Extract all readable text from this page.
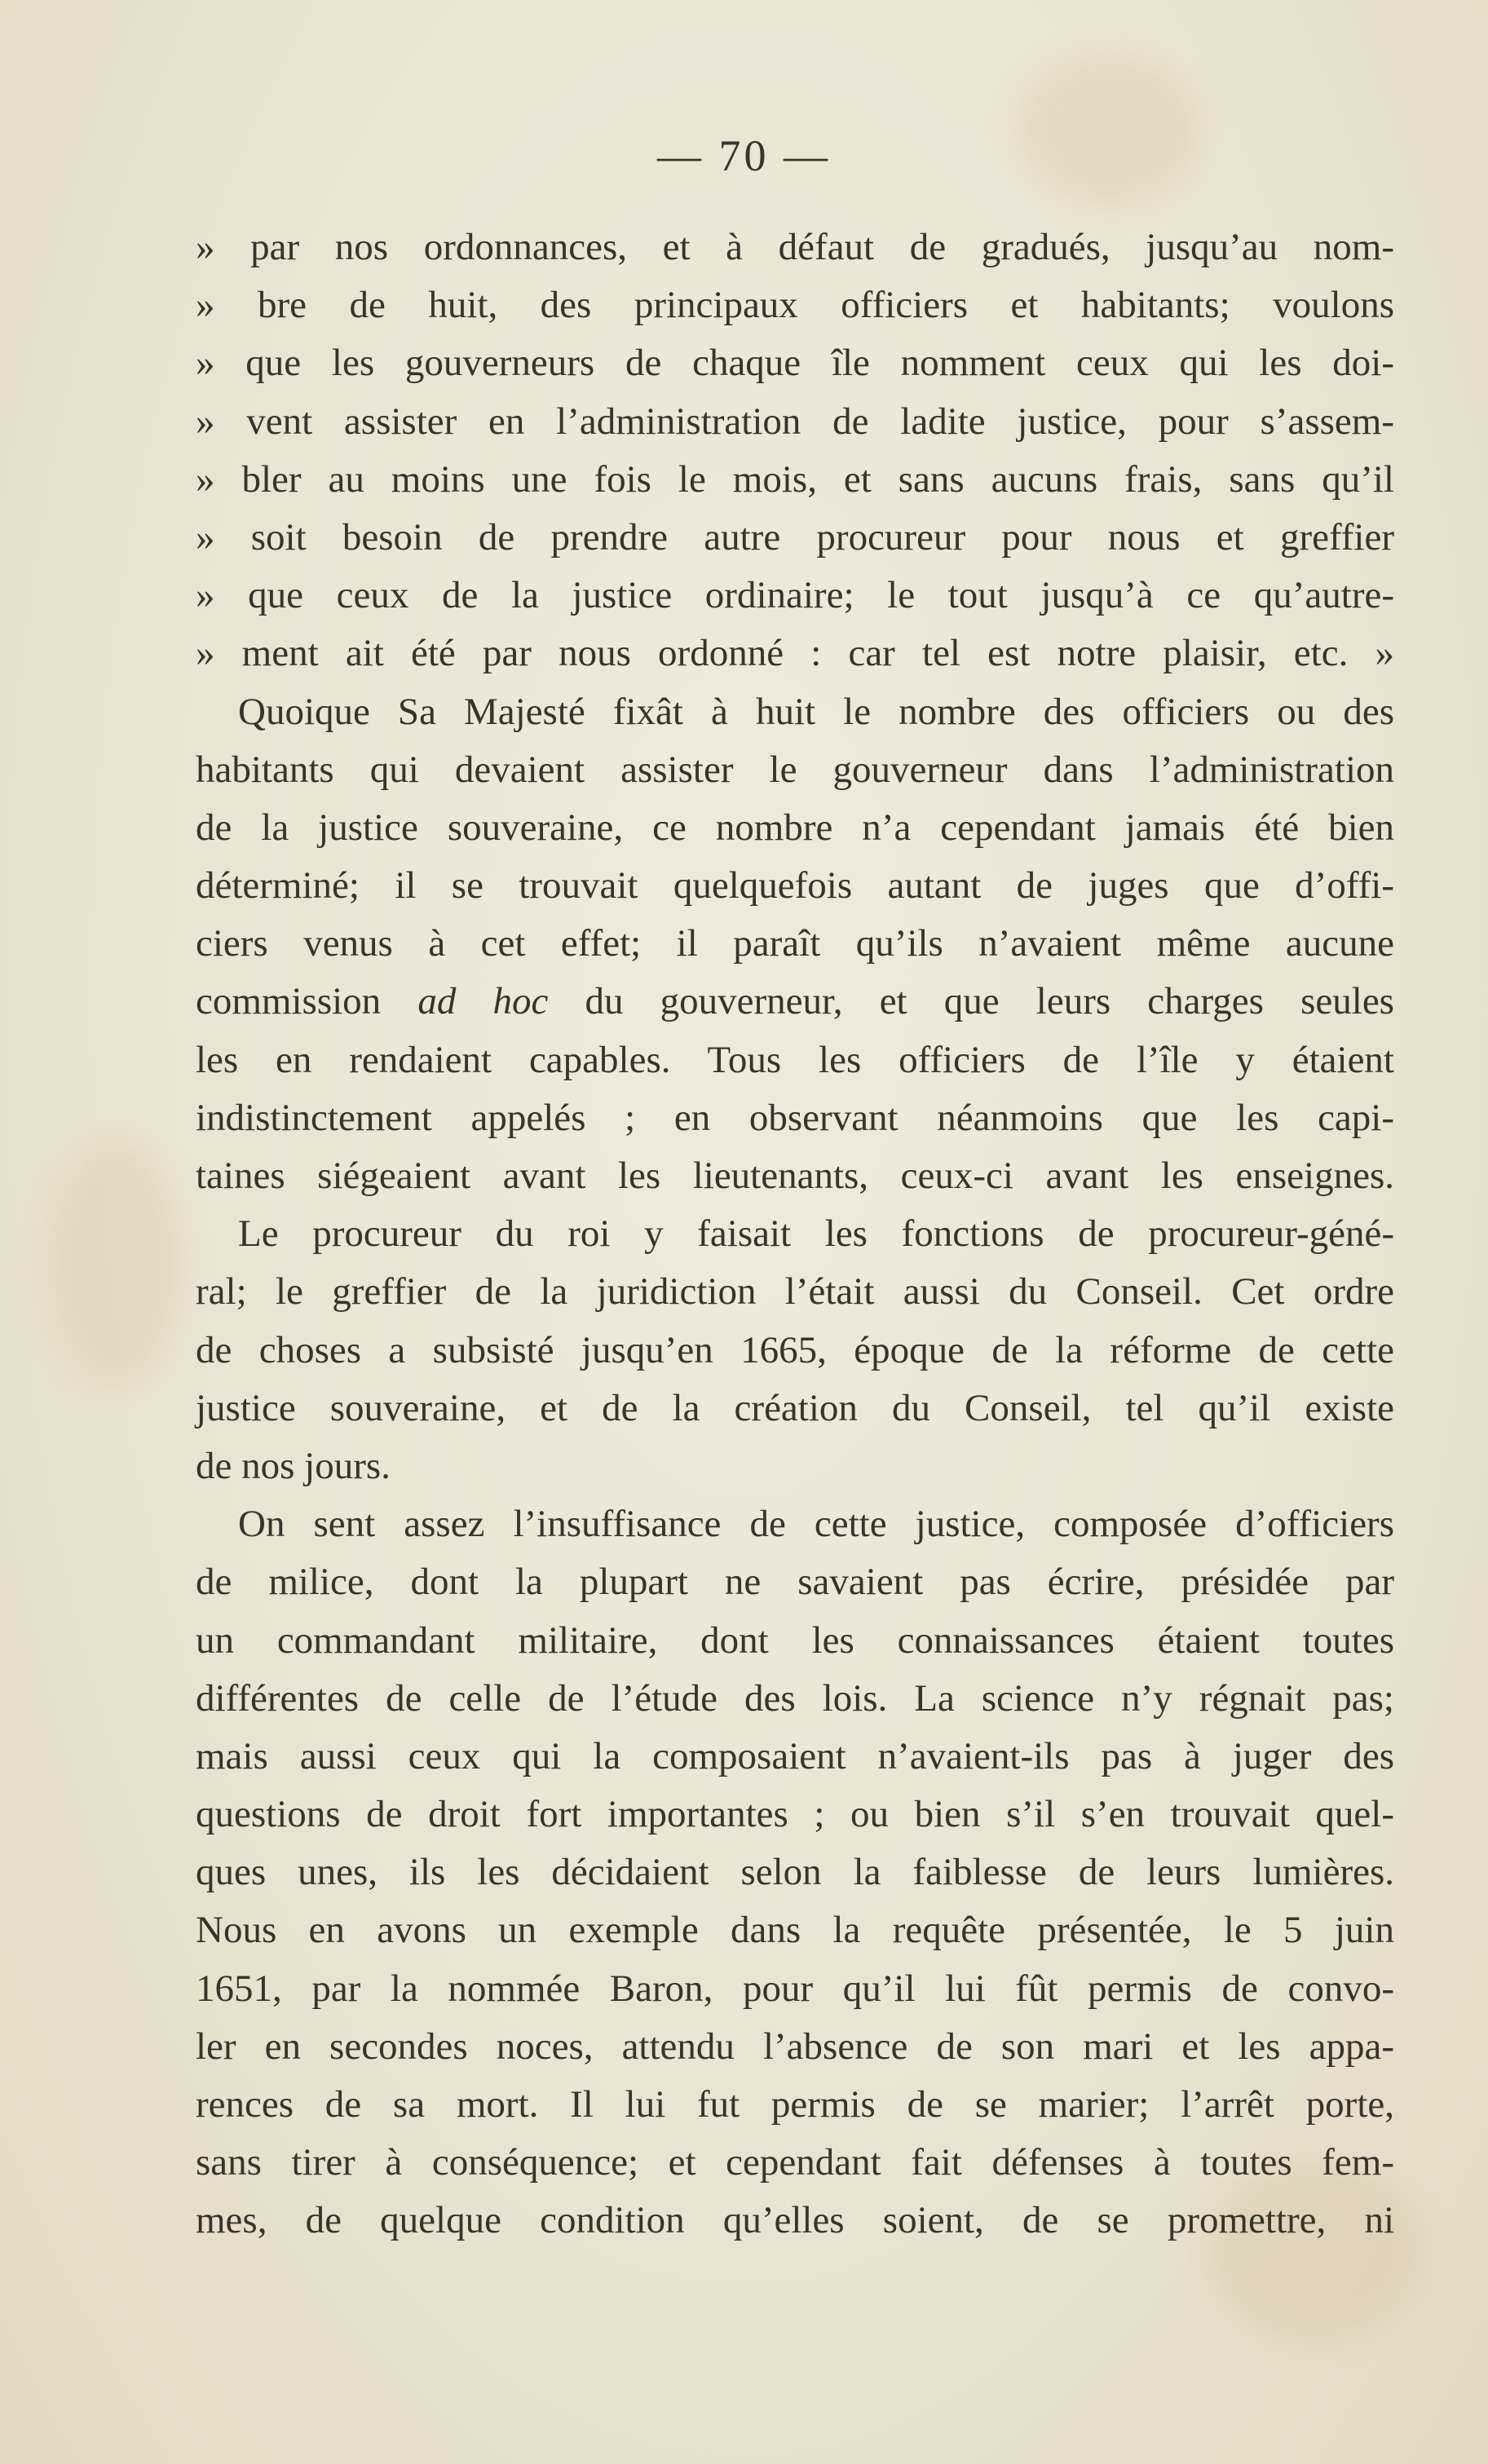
— 70 —
» par nos ordonnances, et à défaut de gradués, jusqu’au nom-
» bre de huit, des principaux officiers et habitants; voulons
» que les gouverneurs de chaque île nomment ceux qui les doi-
» vent assister en l’administration de ladite justice, pour s’assem-
» bler au moins une fois le mois, et sans aucuns frais, sans qu’il
» soit besoin de prendre autre procureur pour nous et greffier
» que ceux de la justice ordinaire; le tout jusqu’à ce qu’autre-
» ment ait été par nous ordonné : car tel est notre plaisir, etc. »
Quoique Sa Majesté fixât à huit le nombre des officiers ou des
habitants qui devaient assister le gouverneur dans l’administration
de la justice souveraine, ce nombre n’a cependant jamais été bien
déterminé; il se trouvait quelquefois autant de juges que d’offi-
ciers venus à cet effet; il paraît qu’ils n’avaient même aucune
commission ad hoc du gouverneur, et que leurs charges seules
les en rendaient capables. Tous les officiers de l’île y étaient
indistinctement appelés ; en observant néanmoins que les capi-
taines siégeaient avant les lieutenants, ceux-ci avant les enseignes.
Le procureur du roi y faisait les fonctions de procureur-géné-
ral; le greffier de la juridiction l’était aussi du Conseil. Cet ordre
de choses a subsisté jusqu’en 1665, époque de la réforme de cette
justice souveraine, et de la création du Conseil, tel qu’il existe
de nos jours.
On sent assez l’insuffisance de cette justice, composée d’officiers
de milice, dont la plupart ne savaient pas écrire, présidée par
un commandant militaire, dont les connaissances étaient toutes
différentes de celle de l’étude des lois. La science n’y régnait pas;
mais aussi ceux qui la composaient n’avaient-ils pas à juger des
questions de droit fort importantes ; ou bien s’il s’en trouvait quel-
ques unes, ils les décidaient selon la faiblesse de leurs lumières.
Nous en avons un exemple dans la requête présentée, le 5 juin
1651, par la nommée Baron, pour qu’il lui fût permis de convo-
ler en secondes noces, attendu l’absence de son mari et les appa-
rences de sa mort. Il lui fut permis de se marier; l’arrêt porte,
sans tirer à conséquence; et cependant fait défenses à toutes fem-
mes, de quelque condition qu’elles soient, de se promettre, ni
